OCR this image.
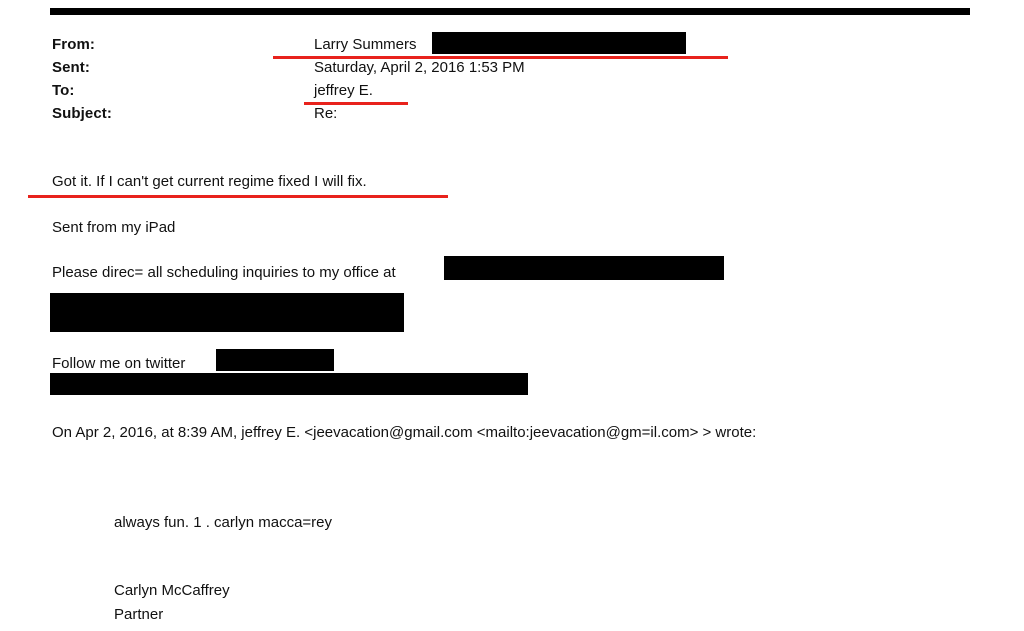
From:	Larry Summers
Sent:	Saturday, April 2, 2016 1:53 PM
To:	jeffrey E.
Subject:	Re:
Got it. If I can't get current regime fixed I will fix.
Sent from my iPad
Please direc= all scheduling inquiries to my office at
Follow me on twitter
On Apr 2, 2016, at 8:39 AM, jeffrey E. <jeevacation@gmail.com <mailto:jeevacation@gm=il.com> > wrote:
always fun. 1 . carlyn macca=rey
Carlyn McCaffrey
Partner
